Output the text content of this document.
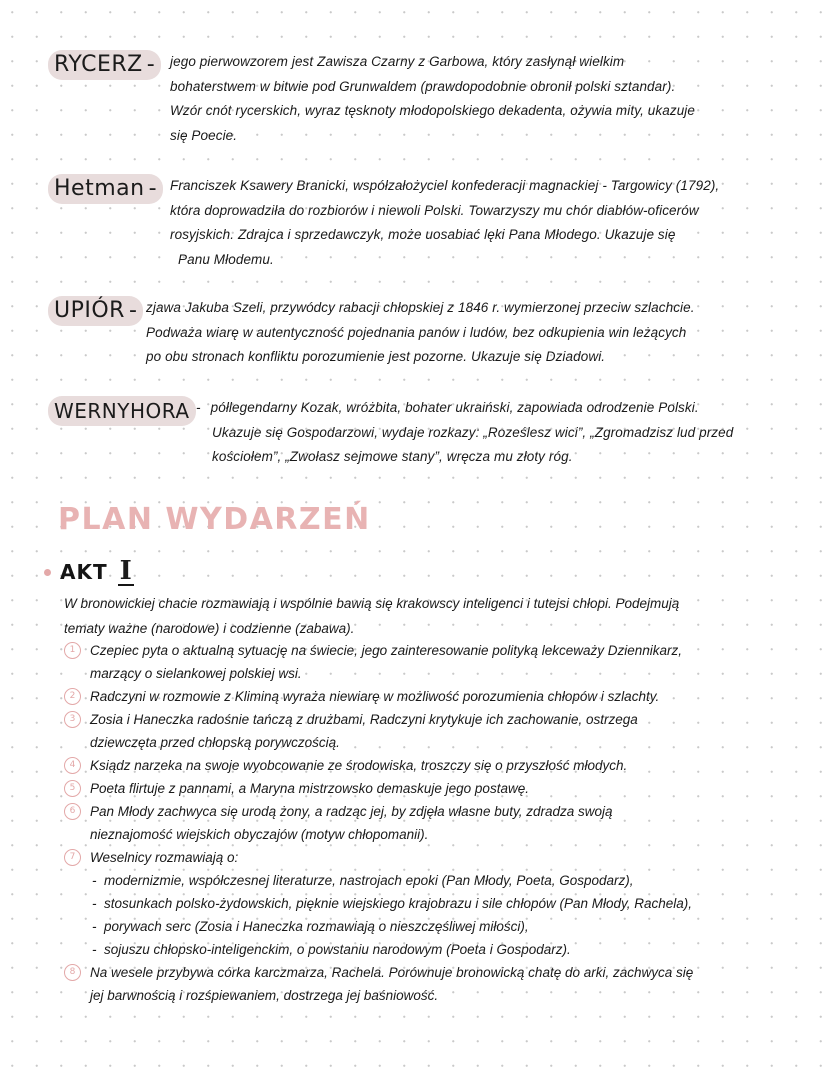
RYCERZ -	jego pierwowzorem jest Zawisza Czarny z Garbowa, który zasłynął wielkim
bohaterstwem w bitwie pod Grunwaldem (prawdopodobnie obronił polski sztandar).
Wzór cnót rycerskich, wyraz tęsknoty młodopolskiego dekadenta, ożywia mity, ukazuje
się Poecie.
Hetman - Franciszek Ksawery Branicki, współzałożyciel konfederacji magnackiej - Targowicy (1792),
która doprowadziła do rozbiorów i niewoli Polski. Towarzyszy mu chór diabłów-oficerów
rosyjskich. Zdrajca i sprzedawczyk, może uosabiać lęki Pana Młodego. Ukazuje się
Panu Młodemu.
UPIÓR - zjawa Jakuba Szeli, przywódcy rabacji chłopskiej z 1846 r. wymierzonej przeciw szlachcie.
Podważa wiarę w autentyczność pojednania panów i ludów, bez odkupienia win leżących
po obu stronach konfliktu porozumienie jest pozorne. Ukazuje się Dziadowi.
WERNYHORA - półlegendarny Kozak, wróżbita, bohater ukraiński, zapowiada odrodzenie Polski.
Ukazuje się Gospodarzowi, wydaje rozkazy: „Roześlesz wici”, „Zgromadzisz lud przed
kościołem”, „Zwołasz sejmowe stany”, wręcza mu złoty róg.
PLAN WYDARZEŃ
AKT I
W bronowickiej chacie rozmawiają i wspólnie bawią się krakowscy inteligenci i tutejsi chłopi. Podejmują
tematy ważne (narodowe) i codzienne (zabawa).
1	Czepiec pyta o aktualną sytuację na świecie, jego zainteresowanie polityką lekceważy Dziennikarz,
marzący o sielankowej polskiej wsi.
2	Radczyni w rozmowie z Kliminą wyraża niewiarę w możliwość porozumienia chłopów i szlachty.
3	Zosia i Haneczka radośnie tańczą z drużbami, Radczyni krytykuje ich zachowanie, ostrzega
dziewczęta przed chłopską porywczością.
4	Ksiądz narzeka na swoje wyobcowanie ze środowiska, troszczy się o przyszłość młodych.
5	Poeta flirtuje z pannami, a Maryna mistrzowsko demaskuje jego postawę.
6	Pan Młody zachwyca się urodą żony, a radząc jej, by zdjęła własne buty, zdradza swoją
nieznajomość wiejskich obyczajów (motyw chłopomanii).
7	Weselnicy rozmawiają o:
- modernizmie, współczesnej literaturze, nastrojach epoki (Pan Młody, Poeta, Gospodarz),
- stosunkach polsko-żydowskich, pięknie wiejskiego krajobrazu i sile chłopów (Pan Młody, Rachela),
- porywach serc (Zosia i Haneczka rozmawiają o nieszczęśliwej miłości),
- sojuszu chłopsko-inteligenckim, o powstaniu narodowym (Poeta i Gospodarz).
8	Na wesele przybywa córka karczmarza, Rachela. Porównuje bronowicką chatę do arki, zachwyca się
jej barwnością i rozśpiewaniem, dostrzega jej baśniowość.
